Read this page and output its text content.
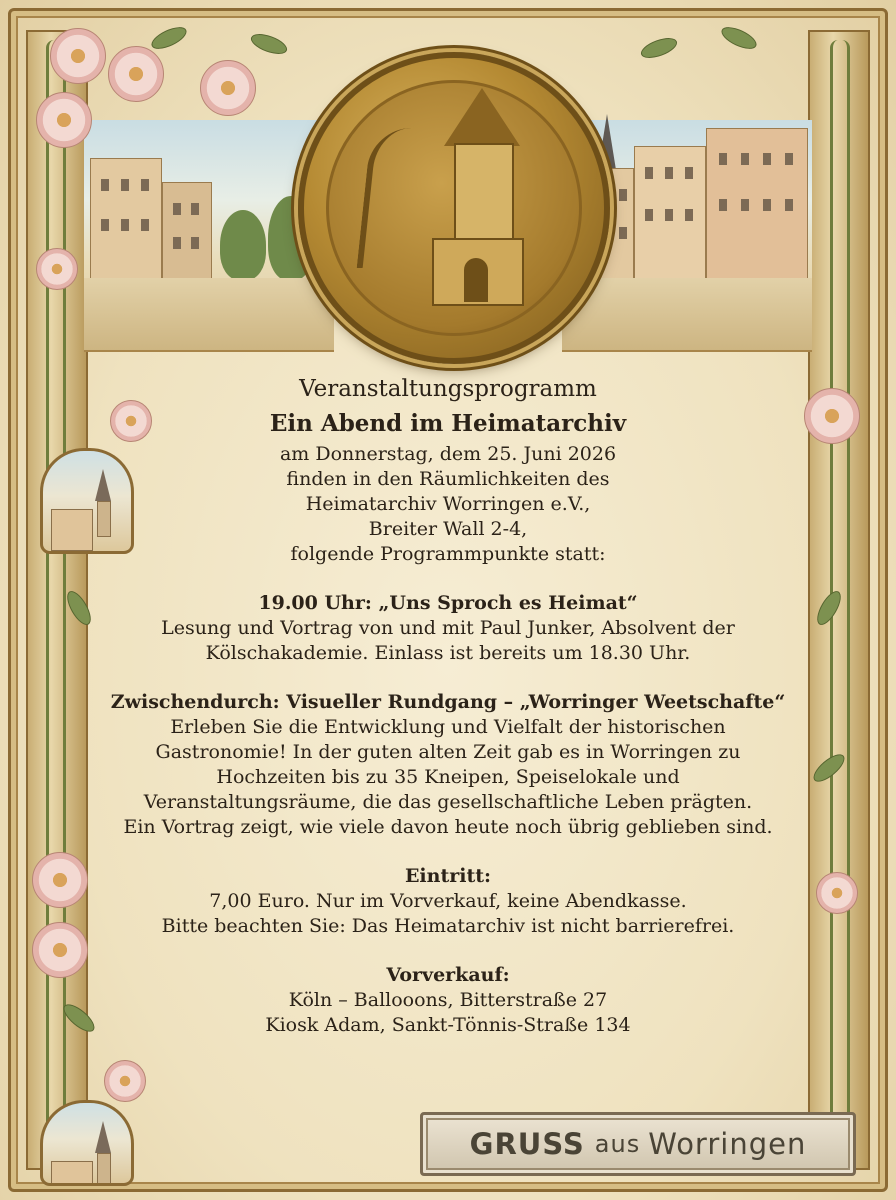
Veranstaltungsprogramm

Ein Abend im Heimatarchiv

am Donnerstag, dem 25. Juni 2026

finden in den Räumlichkeiten des

Heimatarchiv Worringen e.V.,

Breiter Wall 2-4,

folgende Programmpunkte statt:

19.00 Uhr: „Uns Sproch es Heimat“

Lesung und Vortrag von und mit Paul Junker, Absolvent der

Kölschakademie. Einlass ist bereits um 18.30 Uhr.

Zwischendurch: Visueller Rundgang – „Worringer Weetschafte“

Erleben Sie die Entwicklung und Vielfalt der historischen

Gastronomie! In der guten alten Zeit gab es in Worringen zu

Hochzeiten bis zu 35 Kneipen, Speiselokale und

Veranstaltungsräume, die das gesellschaftliche Leben prägten.

Ein Vortrag zeigt, wie viele davon heute noch übrig geblieben sind.

Eintritt:

7,00 Euro. Nur im Vorverkauf, keine Abendkasse.

Bitte beachten Sie: Das Heimatarchiv ist nicht barrierefrei.

Vorverkauf:

Köln – Ballooons, Bitterstraße 27

Kiosk Adam, Sankt-Tönnis-Straße 134

GRUSS aus Worringen
